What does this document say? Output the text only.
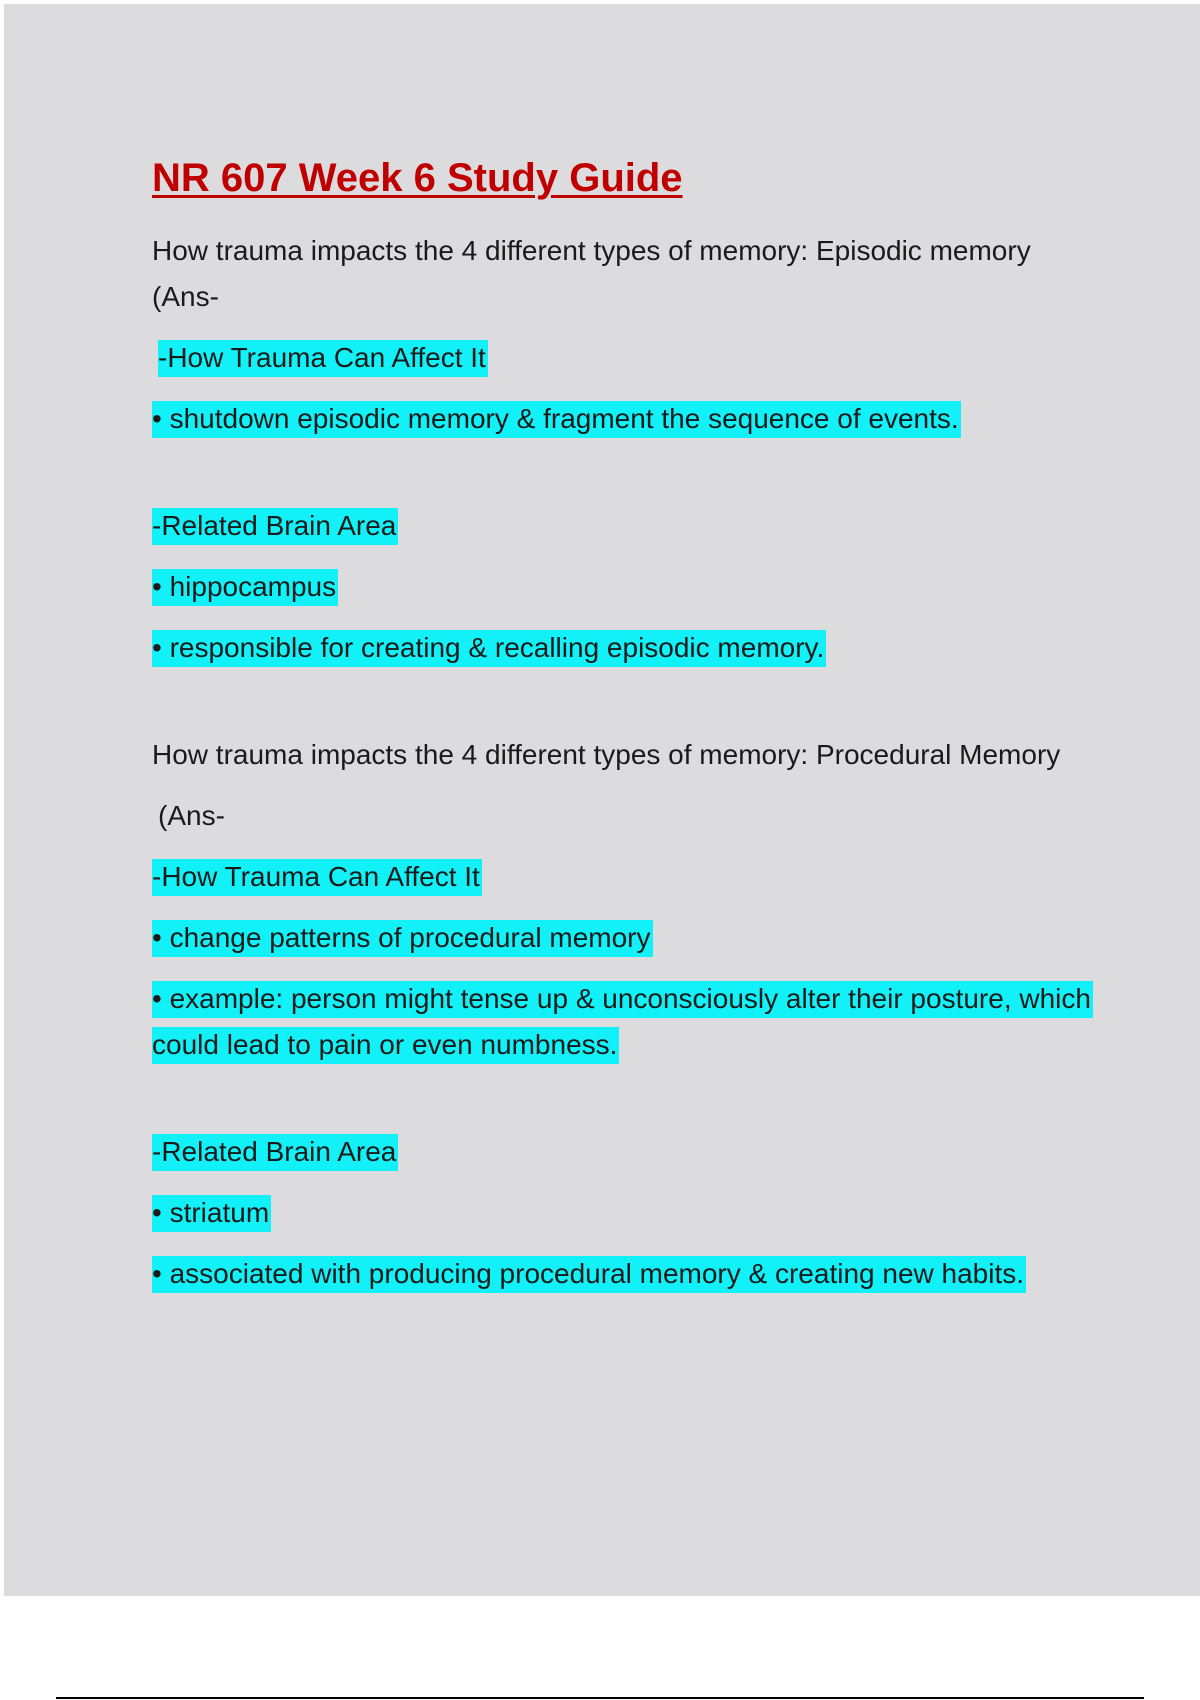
NR 607 Week 6 Study Guide

How trauma impacts the 4 different types of memory: Episodic memory (Ans-

-How Trauma Can Affect It

• shutdown episodic memory & fragment the sequence of events.

-Related Brain Area

• hippocampus

• responsible for creating & recalling episodic memory.

How trauma impacts the 4 different types of memory: Procedural Memory

(Ans-

-How Trauma Can Affect It

• change patterns of procedural memory

• example: person might tense up & unconsciously alter their posture, which could lead to pain or even numbness.

-Related Brain Area

• striatum

• associated with producing procedural memory & creating new habits.
